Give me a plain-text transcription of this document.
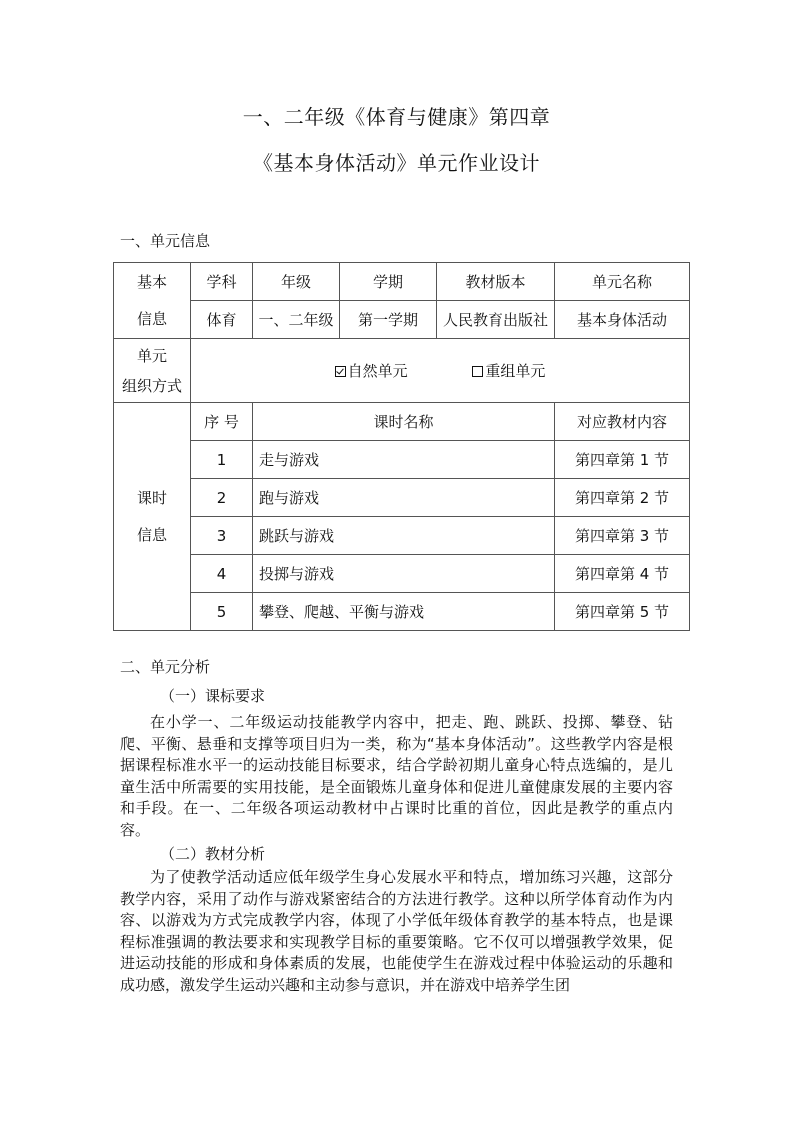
一、二年级《体育与健康》第四章
《基本身体活动》单元作业设计
一、单元信息
基本
信息	学科	年级	学期	教材版本	单元名称
	体育	一、二年级	第一学期	人民教育出版社	基本身体活动

单元
组织方式	自然单元 重组单元				

课时
信息	序 号	课时名称			对应教材内容
	1	走与游戏			第四章第 1 节
	2	跑与游戏			第四章第 2 节
	3	跳跃与游戏			第四章第 3 节
	4	投掷与游戏			第四章第 4 节
	5	攀登、爬越、平衡与游戏			第四章第 5 节
二、单元分析
（一）课标要求

在小学一、二年级运动技能教学内容中，把走、跑、跳跃、投掷、攀登、钻爬、平衡、悬垂和支撑等项目归为一类，称为“基本身体活动”。这些教学内容是根据课程标准水平一的运动技能目标要求，结合学龄初期儿童身心特点选编的，是儿童生活中所需要的实用技能，是全面锻炼儿童身体和促进儿童健康发展的主要内容和手段。在一、二年级各项运动教材中占课时比重的首位，因此是教学的重点内容。

（二）教材分析

为了使教学活动适应低年级学生身心发展水平和特点，增加练习兴趣，这部分教学内容，采用了动作与游戏紧密结合的方法进行教学。这种以所学体育动作为内容、以游戏为方式完成教学内容，体现了小学低年级体育教学的基本特点，也是课程标准强调的教法要求和实现教学目标的重要策略。它不仅可以增强教学效果，促进运动技能的形成和身体素质的发展，也能使学生在游戏过程中体验运动的乐趣和成功感，激发学生运动兴趣和主动参与意识，并在游戏中培养学生团
